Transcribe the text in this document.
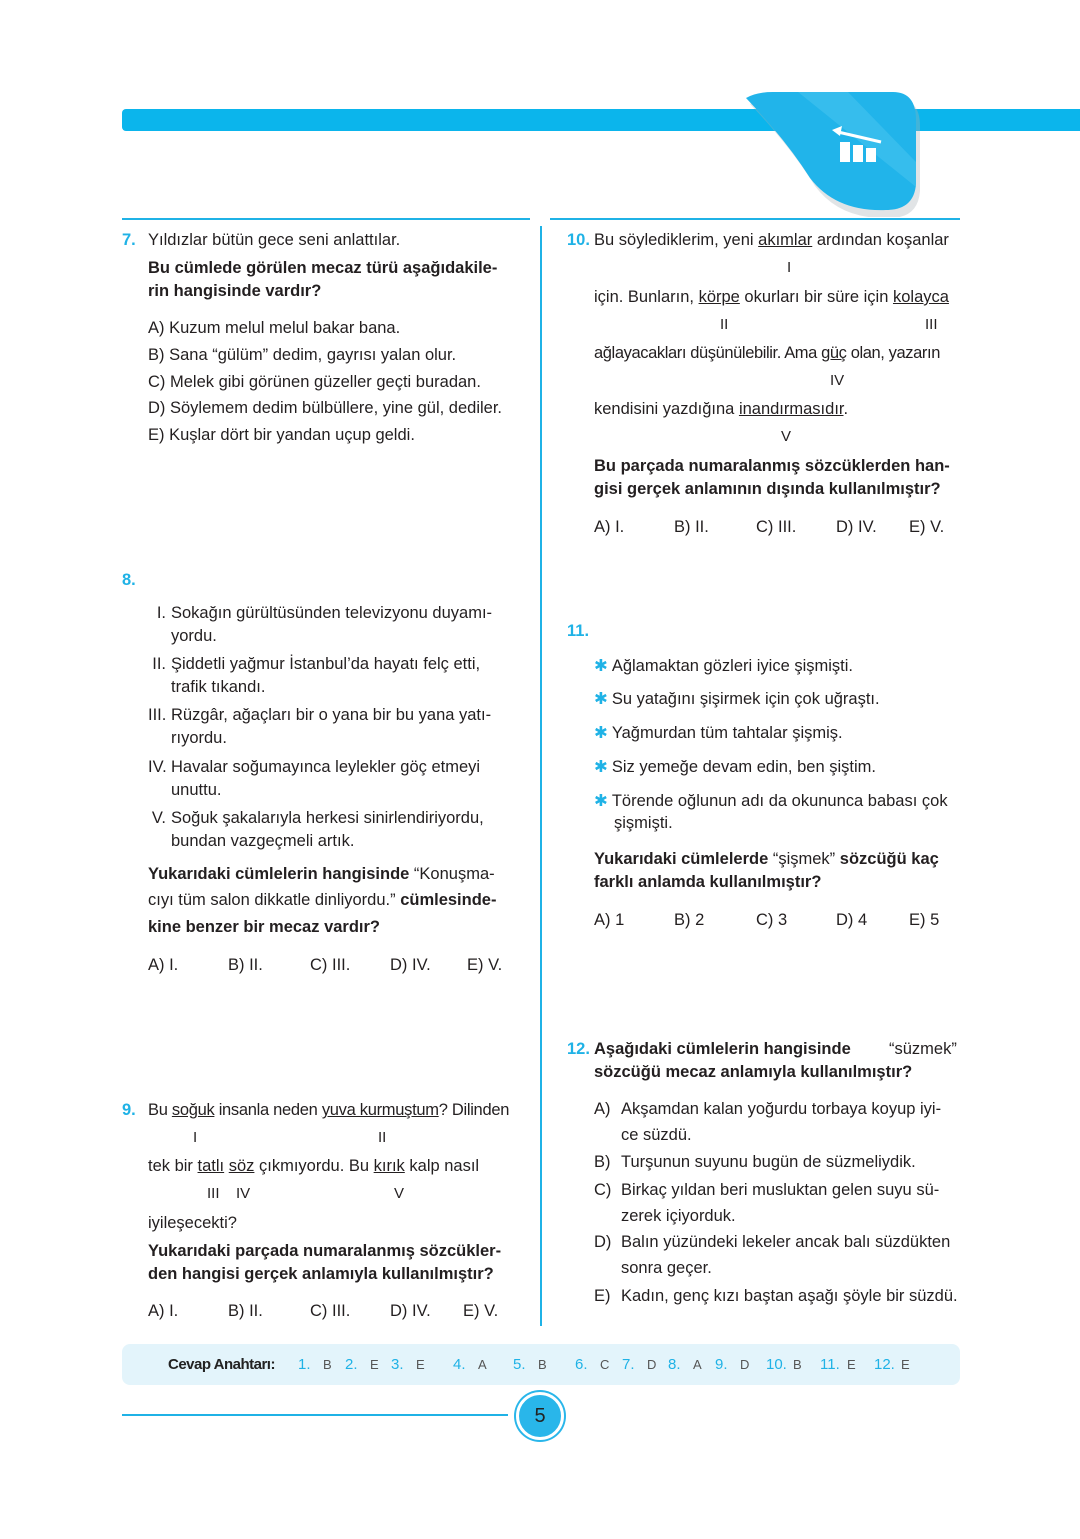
7. Yıldızlar bütün gece seni anlattılar.
Bu cümlede görülen mecaz türü aşağıdakile-
rin hangisinde vardır?
A) Kuzum melul melul bakar bana.
B) Sana “gülüm” dedim, gayrısı yalan olur.
C) Melek gibi görünen güzeller geçti buradan.
D) Söylemem dedim bülbüllere, yine gül, dediler.
E) Kuşlar dört bir yandan uçup geldi.
8.
I. Sokağın gürültüsünden televizyonu duyamı-
yordu.
II. Şiddetli yağmur İstanbul’da hayatı felç etti,
trafik tıkandı.
III. Rüzgâr, ağaçları bir o yana bir bu yana yatı-
rıyordu.
IV. Havalar soğumayınca leylekler göç etmeyi
unuttu.
V. Soğuk şakalarıyla herkesi sinirlendiriyordu,
bundan vazgeçmeli artık.
Yukarıdaki cümlelerin hangisinde “Konuşma-
cıyı tüm salon dikkatle dinliyordu.” cümlesinde-
kine benzer bir mecaz vardır?
A) I.	B) II.	C) III. D) IV. E) V.
9. Bu soğuk insanla neden yuva kurmuştum? Dilinden
I	II
tek bir tatlı söz çıkmıyordu. Bu kırık kalp nasıl
III IV	V
iyileşecekti?
Yukarıdaki parçada numaralanmış sözcükler-
den hangisi gerçek anlamıyla kullanılmıştır?
A) I.	B) II.	C) III. D) IV. E) V.
10. Bu söylediklerim, yeni akımlar ardından koşanlar
I
için. Bunların, körpe okurları bir süre için kolayca
II	III
ağlayacakları düşünülebilir. Ama güç olan, yazarın
IV
kendisini yazdığına inandırmasıdır.
V
Bu parçada numaralanmış sözcüklerden han-
gisi gerçek anlamının dışında kullanılmıştır?
A) I.	B) II.	C) III. D) IV. E) V.
11.
✱ Ağlamaktan gözleri iyice şişmişti.
✱ Su yatağını şişirmek için çok uğraştı.
✱ Yağmurdan tüm tahtalar şişmiş.
✱ Siz yemeğe devam edin, ben şiştim.
✱ Törende oğlunun adı da okununca babası çok
şişmişti.
Yukarıdaki cümlelerde “şişmek” sözcüğü kaç
farklı anlamda kullanılmıştır?
A) 1	B) 2	C) 3	D) 4	E) 5
12. Aşağıdaki cümlelerin hangisinde “süzmek”
sözcüğü mecaz anlamıyla kullanılmıştır?
A) Akşamdan kalan yoğurdu torbaya koyup iyi-
ce süzdü.
B) Turşunun suyunu bugün de süzmeliydik.
C) Birkaç yıldan beri musluktan gelen suyu sü-
zerek içiyorduk.
D) Balın yüzündeki lekeler ancak balı süzdükten
sonra geçer.
E) Kadın, genç kızı baştan aşağı şöyle bir süzdü.
Cevap Anahtarı: 1. B 2. E 3. E 4. A 5. B 6. C 7. D 8. A 9. D 10. B 11. E 12. E
5
